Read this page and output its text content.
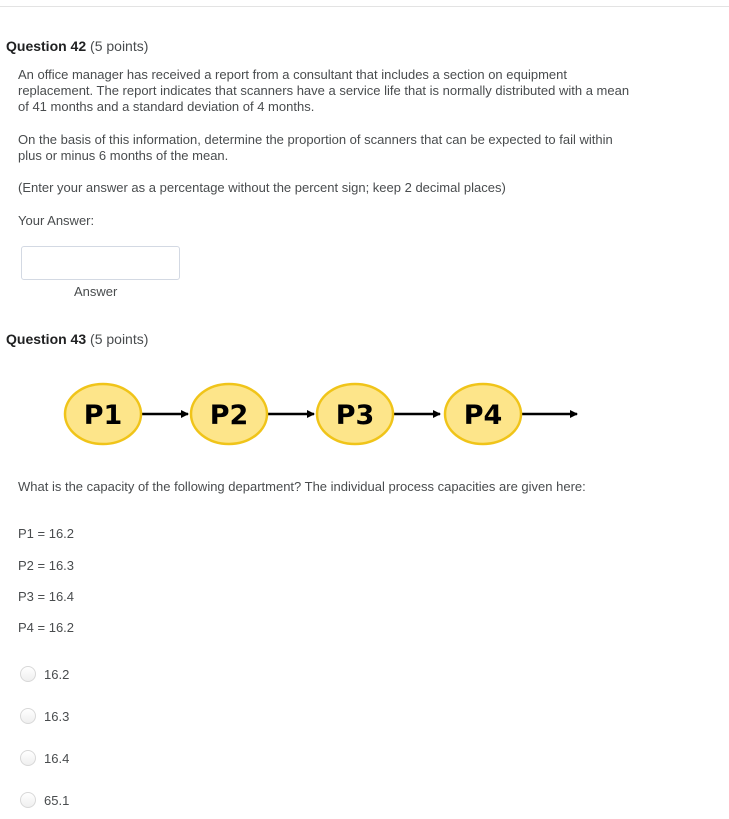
Question 42 (5 points)
An office manager has received a report from a consultant that includes a section on equipment replacement. The report indicates that scanners have a service life that is normally distributed with a mean of 41 months and a standard deviation of 4 months.
On the basis of this information, determine the proportion of scanners that can be expected to fail within plus or minus 6 months of the mean.
(Enter your answer as a percentage without the percent sign; keep 2 decimal places)
Your Answer:
Answer
Question 43 (5 points)
P1	P2	P3	P4
What is the capacity of the following department? The individual process capacities are given here:
P1 = 16.2
P2 = 16.3
P3 = 16.4
P4 = 16.2
16.2
16.3
16.4
65.1
